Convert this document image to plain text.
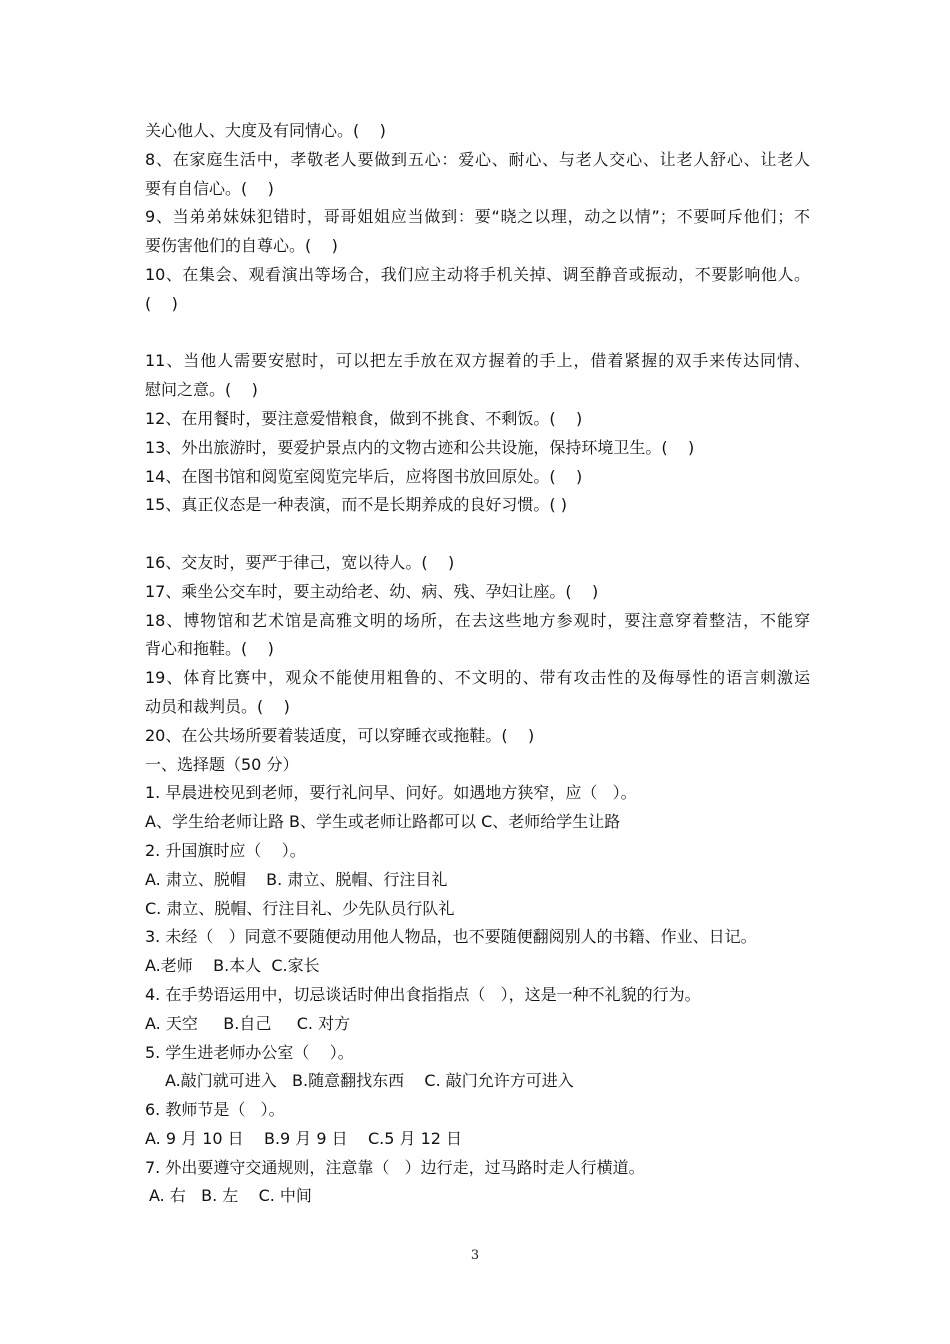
关心他人、大度及有同情心。(    )
8、在家庭生活中，孝敬老人要做到五心：爱心、耐心、与老人交心、让老人舒心、让老人
要有自信心。(    )
9、当弟弟妹妹犯错时，哥哥姐姐应当做到：要“晓之以理，动之以情”；不要呵斥他们；不
要伤害他们的自尊心。(    )
10、在集会、观看演出等场合，我们应主动将手机关掉、调至静音或振动，不要影响他人。
(    )
11、当他人需要安慰时，可以把左手放在双方握着的手上，借着紧握的双手来传达同情、
慰问之意。(    )
12、在用餐时，要注意爱惜粮食，做到不挑食、不剩饭。(    )
13、外出旅游时，要爱护景点内的文物古迹和公共设施，保持环境卫生。(    )
14、在图书馆和阅览室阅览完毕后，应将图书放回原处。(    )
15、真正仪态是一种表演，而不是长期养成的良好习惯。( )
16、交友时，要严于律己，宽以待人。(    )
17、乘坐公交车时，要主动给老、幼、病、残、孕妇让座。(    )
18、博物馆和艺术馆是高雅文明的场所，在去这些地方参观时，要注意穿着整洁，不能穿
背心和拖鞋。(    )
19、体育比赛中，观众不能使用粗鲁的、不文明的、带有攻击性的及侮辱性的语言刺激运
动员和裁判员。(    )
20、在公共场所要着装适度，可以穿睡衣或拖鞋。(    )
一、选择题（50 分）
1. 早晨进校见到老师，要行礼问早、问好。如遇地方狭窄，应（   ）。
A、学生给老师让路 B、学生或老师让路都可以 C、老师给学生让路
2. 升国旗时应（    ）。
A. 肃立、脱帽    B. 肃立、脱帽、行注目礼
C. 肃立、脱帽、行注目礼、少先队员行队礼
3. 未经（   ）同意不要随便动用他人物品，也不要随便翻阅别人的书籍、作业、日记。
A.老师    B.本人  C.家长
4. 在手势语运用中，切忌谈话时伸出食指指点（   ），这是一种不礼貌的行为。
A. 天空     B.自己     C. 对方
5. 学生进老师办公室（    ）。
A.敲门就可进入   B.随意翻找东西    C. 敲门允许方可进入
6. 教师节是（   ）。
A. 9 月 10 日    B.9 月 9 日    C.5 月 12 日
7. 外出要遵守交通规则，注意靠（   ）边行走，过马路时走人行横道。
A. 右   B. 左    C. 中间
3
